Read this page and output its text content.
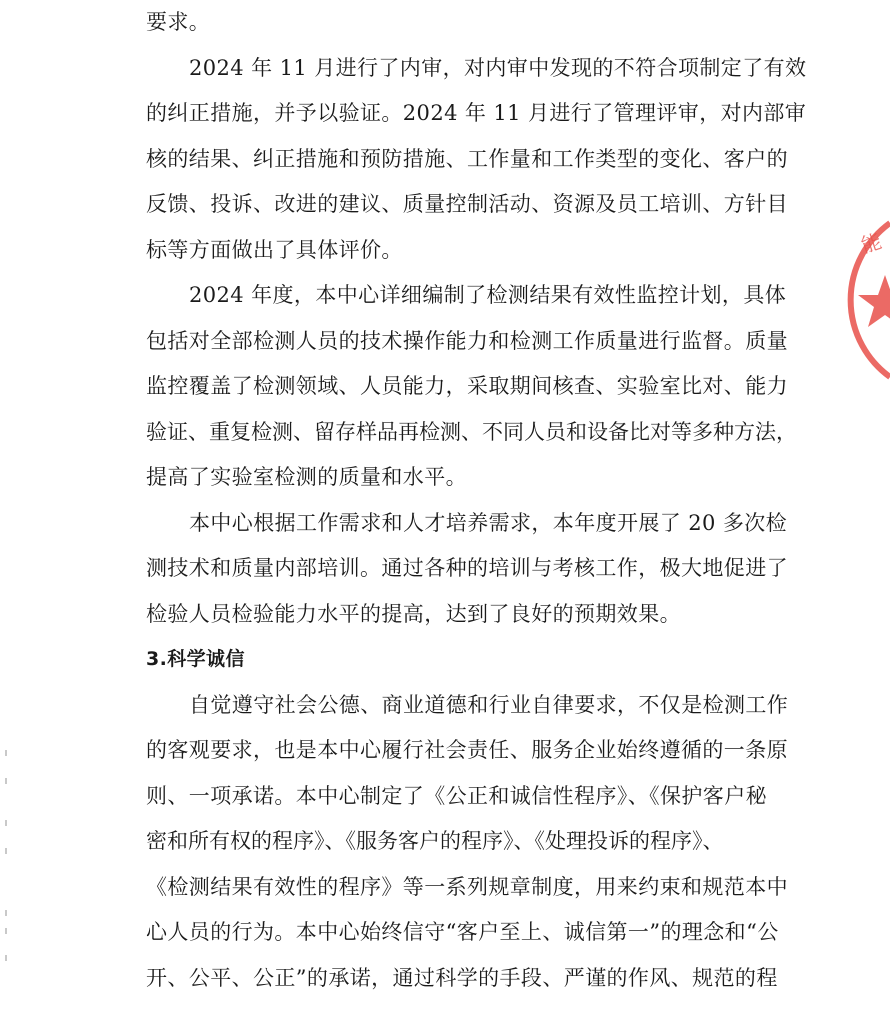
要求。
2024 年 11 月进行了内审，对内审中发现的不符合项制定了有效
的纠正措施，并予以验证。2024 年 11 月进行了管理评审，对内部审
核的结果、纠正措施和预防措施、工作量和工作类型的变化、客户的
反馈、投诉、改进的建议、质量控制活动、资源及员工培训、方针目
标等方面做出了具体评价。
2024 年度，本中心详细编制了检测结果有效性监控计划，具体
包括对全部检测人员的技术操作能力和检测工作质量进行监督。质量
监控覆盖了检测领域、人员能力，采取期间核查、实验室比对、能力
验证、重复检测、留存样品再检测、不同人员和设备比对等多种方法，
提高了实验室检测的质量和水平。
本中心根据工作需求和人才培养需求，本年度开展了 20 多次检
测技术和质量内部培训。通过各种的培训与考核工作，极大地促进了
检验人员检验能力水平的提高，达到了良好的预期效果。
3.科学诚信
自觉遵守社会公德、商业道德和行业自律要求，不仅是检测工作
的客观要求，也是本中心履行社会责任、服务企业始终遵循的一条原
则、一项承诺。本中心制定了《公正和诚信性程序》、《保护客户秘
密和所有权的程序》、《服务客户的程序》、《处理投诉的程序》、
《检测结果有效性的程序》等一系列规章制度，用来约束和规范本中
心人员的行为。本中心始终信守“客户至上、诚信第一”的理念和“公
开、公平、公正”的承诺，通过科学的手段、严谨的作风、规范的程
能
